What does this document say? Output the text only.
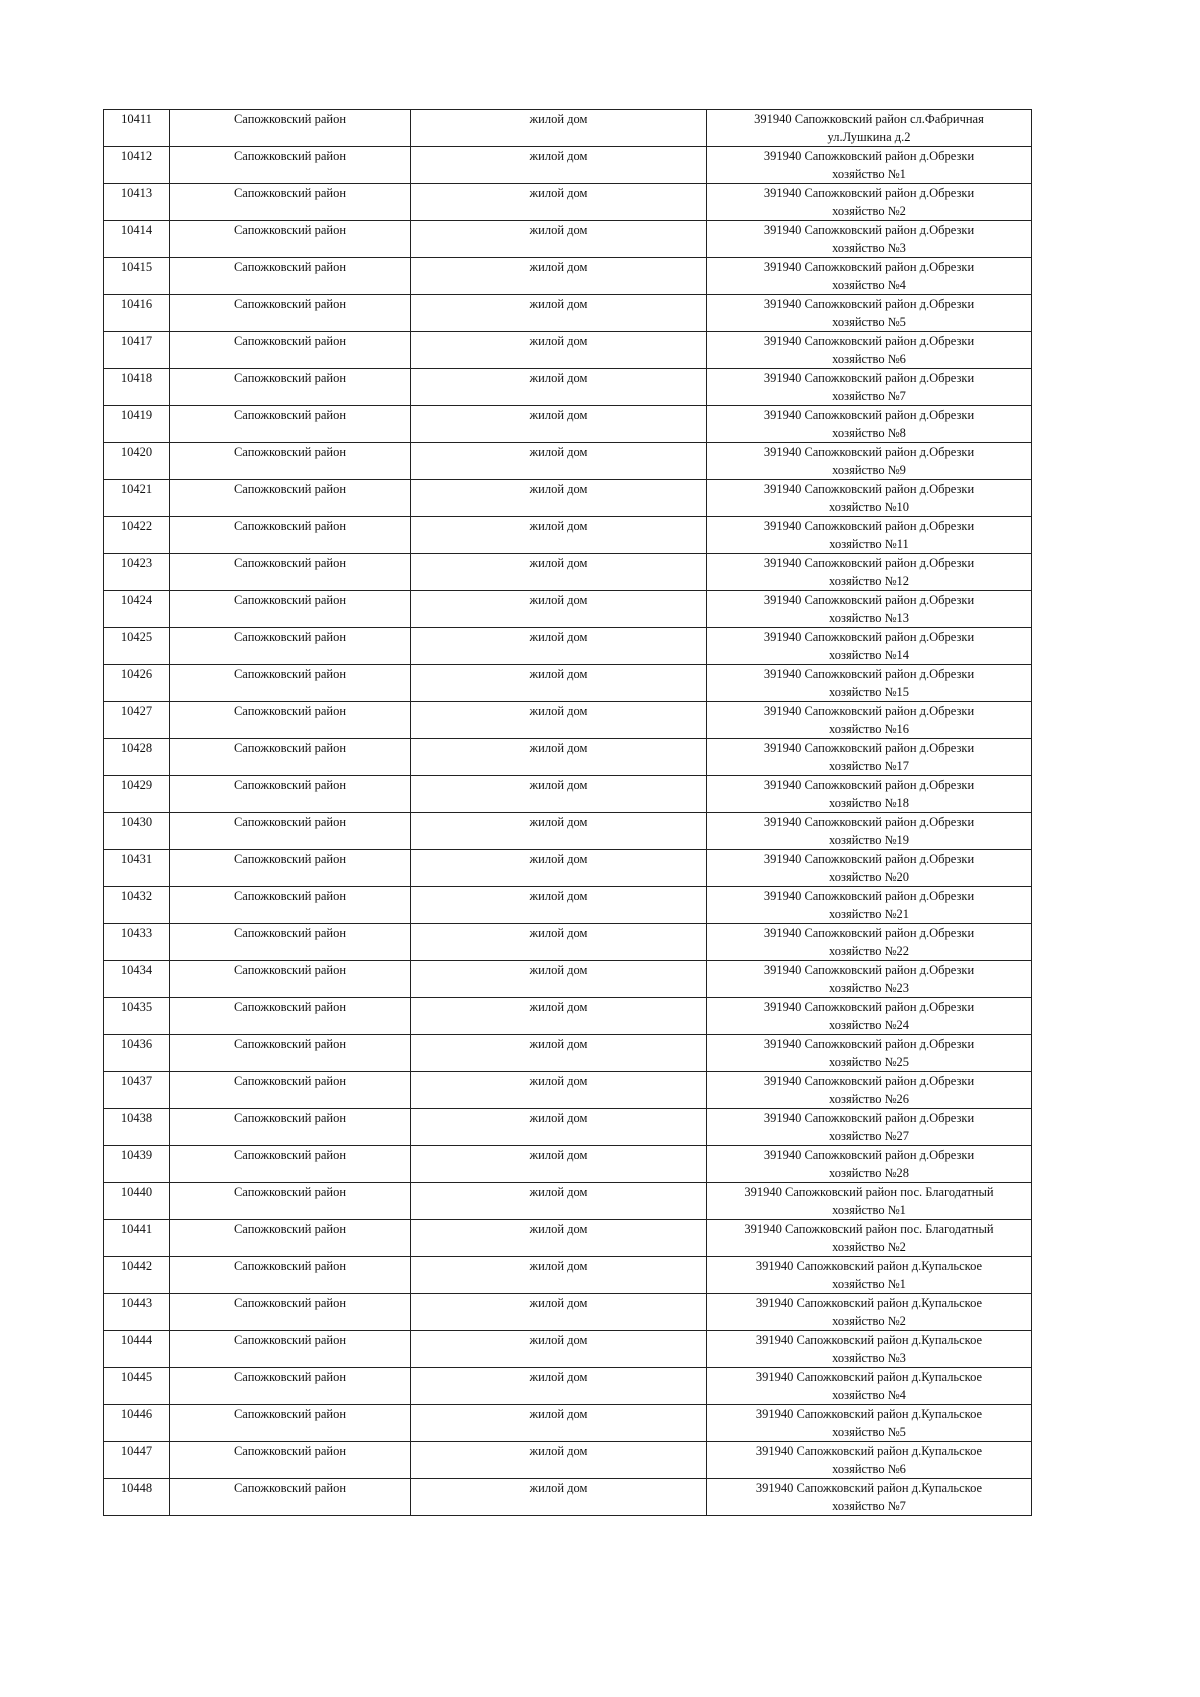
10411	Сапожковский район	жилой дом	391940 Сапожковский район сл.Фабричная
ул.Лушкина д.2

10412	Сапожковский район	жилой дом	391940 Сапожковский район д.Обрезки
хозяйство №1

10413	Сапожковский район	жилой дом	391940 Сапожковский район д.Обрезки
хозяйство №2

10414	Сапожковский район	жилой дом	391940 Сапожковский район д.Обрезки
хозяйство №3

10415	Сапожковский район	жилой дом	391940 Сапожковский район д.Обрезки
хозяйство №4

10416	Сапожковский район	жилой дом	391940 Сапожковский район д.Обрезки
хозяйство №5

10417	Сапожковский район	жилой дом	391940 Сапожковский район д.Обрезки
хозяйство №6

10418	Сапожковский район	жилой дом	391940 Сапожковский район д.Обрезки
хозяйство №7

10419	Сапожковский район	жилой дом	391940 Сапожковский район д.Обрезки
хозяйство №8

10420	Сапожковский район	жилой дом	391940 Сапожковский район д.Обрезки
хозяйство №9

10421	Сапожковский район	жилой дом	391940 Сапожковский район д.Обрезки
хозяйство №10

10422	Сапожковский район	жилой дом	391940 Сапожковский район д.Обрезки
хозяйство №11

10423	Сапожковский район	жилой дом	391940 Сапожковский район д.Обрезки
хозяйство №12

10424	Сапожковский район	жилой дом	391940 Сапожковский район д.Обрезки
хозяйство №13

10425	Сапожковский район	жилой дом	391940 Сапожковский район д.Обрезки
хозяйство №14

10426	Сапожковский район	жилой дом	391940 Сапожковский район д.Обрезки
хозяйство №15

10427	Сапожковский район	жилой дом	391940 Сапожковский район д.Обрезки
хозяйство №16

10428	Сапожковский район	жилой дом	391940 Сапожковский район д.Обрезки
хозяйство №17

10429	Сапожковский район	жилой дом	391940 Сапожковский район д.Обрезки
хозяйство №18

10430	Сапожковский район	жилой дом	391940 Сапожковский район д.Обрезки
хозяйство №19

10431	Сапожковский район	жилой дом	391940 Сапожковский район д.Обрезки
хозяйство №20

10432	Сапожковский район	жилой дом	391940 Сапожковский район д.Обрезки
хозяйство №21

10433	Сапожковский район	жилой дом	391940 Сапожковский район д.Обрезки
хозяйство №22

10434	Сапожковский район	жилой дом	391940 Сапожковский район д.Обрезки
хозяйство №23

10435	Сапожковский район	жилой дом	391940 Сапожковский район д.Обрезки
хозяйство №24

10436	Сапожковский район	жилой дом	391940 Сапожковский район д.Обрезки
хозяйство №25

10437	Сапожковский район	жилой дом	391940 Сапожковский район д.Обрезки
хозяйство №26

10438	Сапожковский район	жилой дом	391940 Сапожковский район д.Обрезки
хозяйство №27

10439	Сапожковский район	жилой дом	391940 Сапожковский район д.Обрезки
хозяйство №28

10440	Сапожковский район	жилой дом	391940 Сапожковский район пос. Благодатный
хозяйство №1

10441	Сапожковский район	жилой дом	391940 Сапожковский район пос. Благодатный
хозяйство №2

10442	Сапожковский район	жилой дом	391940 Сапожковский район д.Купальское
хозяйство №1

10443	Сапожковский район	жилой дом	391940 Сапожковский район д.Купальское
хозяйство №2

10444	Сапожковский район	жилой дом	391940 Сапожковский район д.Купальское
хозяйство №3

10445	Сапожковский район	жилой дом	391940 Сапожковский район д.Купальское
хозяйство №4

10446	Сапожковский район	жилой дом	391940 Сапожковский район д.Купальское
хозяйство №5

10447	Сапожковский район	жилой дом	391940 Сапожковский район д.Купальское
хозяйство №6

10448	Сапожковский район	жилой дом	391940 Сапожковский район д.Купальское
хозяйство №7
